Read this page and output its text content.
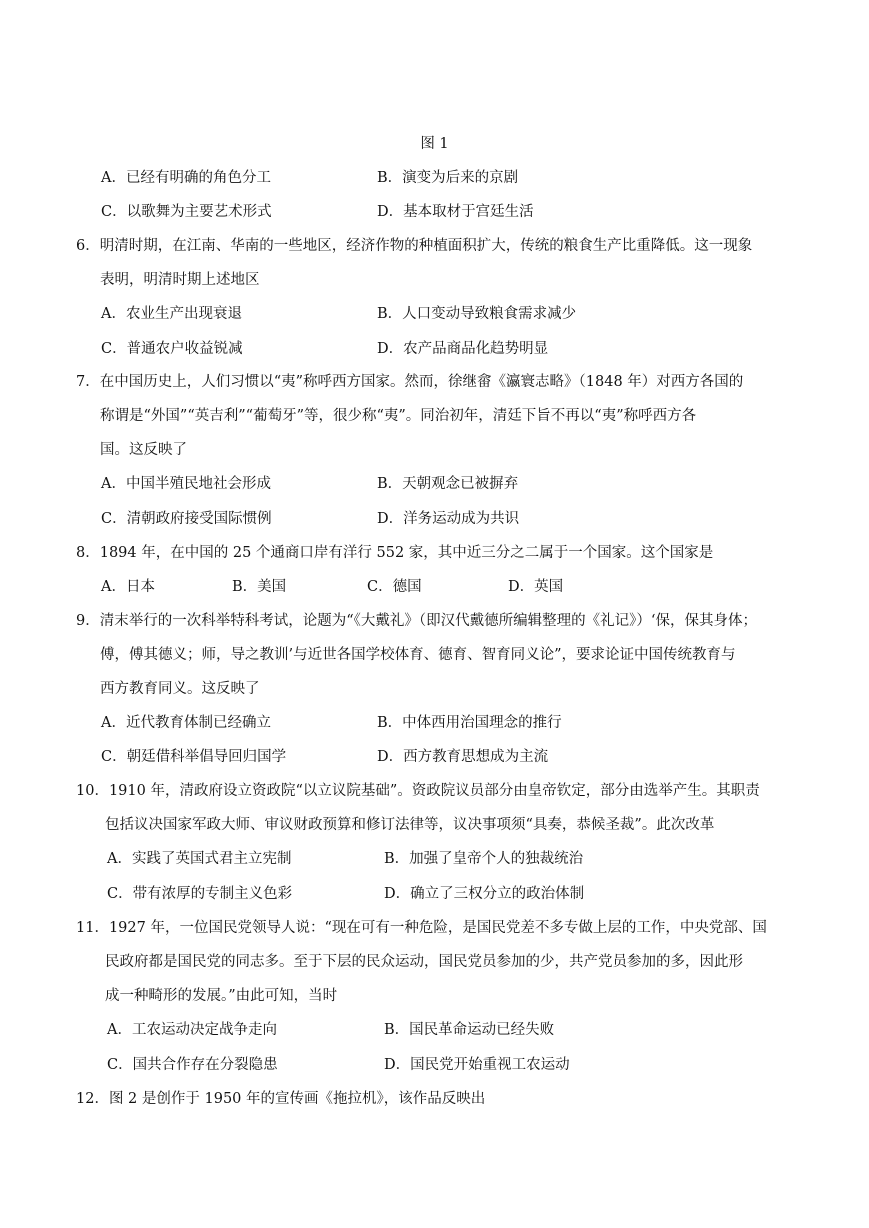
图 1
A．已经有明确的角色分工	B．演变为后来的京剧
C．以歌舞为主要艺术形式	D．基本取材于宫廷生活
6．明清时期，在江南、华南的一些地区，经济作物的种植面积扩大，传统的粮食生产比重降低。这一现象
表明，明清时期上述地区
A．农业生产出现衰退	B．人口变动导致粮食需求减少
C．普通农户收益锐减	D．农产品商品化趋势明显
7．在中国历史上，人们习惯以“夷”称呼西方国家。然而，徐继畲《瀛寰志略》（1848 年）对西方各国的
称谓是“外国”“英吉利”“葡萄牙”等，很少称“夷”。同治初年，清廷下旨不再以“夷”称呼西方各
国。这反映了
A．中国半殖民地社会形成	B．天朝观念已被摒弃
C．清朝政府接受国际惯例	D．洋务运动成为共识
8．1894 年，在中国的 25 个通商口岸有洋行 552 家，其中近三分之二属于一个国家。这个国家是
A．日本	B．美国	C．德国	D．英国
9．清末举行的一次科举特科考试，论题为“《大戴礼》（即汉代戴德所编辑整理的《礼记》）‘保，保其身体；
傅，傅其德义；师，导之教训’与近世各国学校体育、德育、智育同义论”，要求论证中国传统教育与
西方教育同义。这反映了
A．近代教育体制已经确立	B．中体西用治国理念的推行
C．朝廷借科举倡导回归国学	D．西方教育思想成为主流
10．1910 年，清政府设立资政院“以立议院基础”。资政院议员部分由皇帝钦定，部分由选举产生。其职责
包括议决国家军政大师、审议财政预算和修订法律等，议决事项须“具奏，恭候圣裁”。此次改革
A．实践了英国式君主立宪制	B．加强了皇帝个人的独裁统治
C．带有浓厚的专制主义色彩	D．确立了三权分立的政治体制
11．1927 年，一位国民党领导人说：“现在可有一种危险，是国民党差不多专做上层的工作，中央党部、国
民政府都是国民党的同志多。至于下层的民众运动，国民党员参加的少，共产党员参加的多，因此形
成一种畸形的发展。”由此可知，当时
A．工农运动决定战争走向	B．国民革命运动已经失败
C．国共合作存在分裂隐患	D．国民党开始重视工农运动
12．图 2 是创作于 1950 年的宣传画《拖拉机》，该作品反映出
